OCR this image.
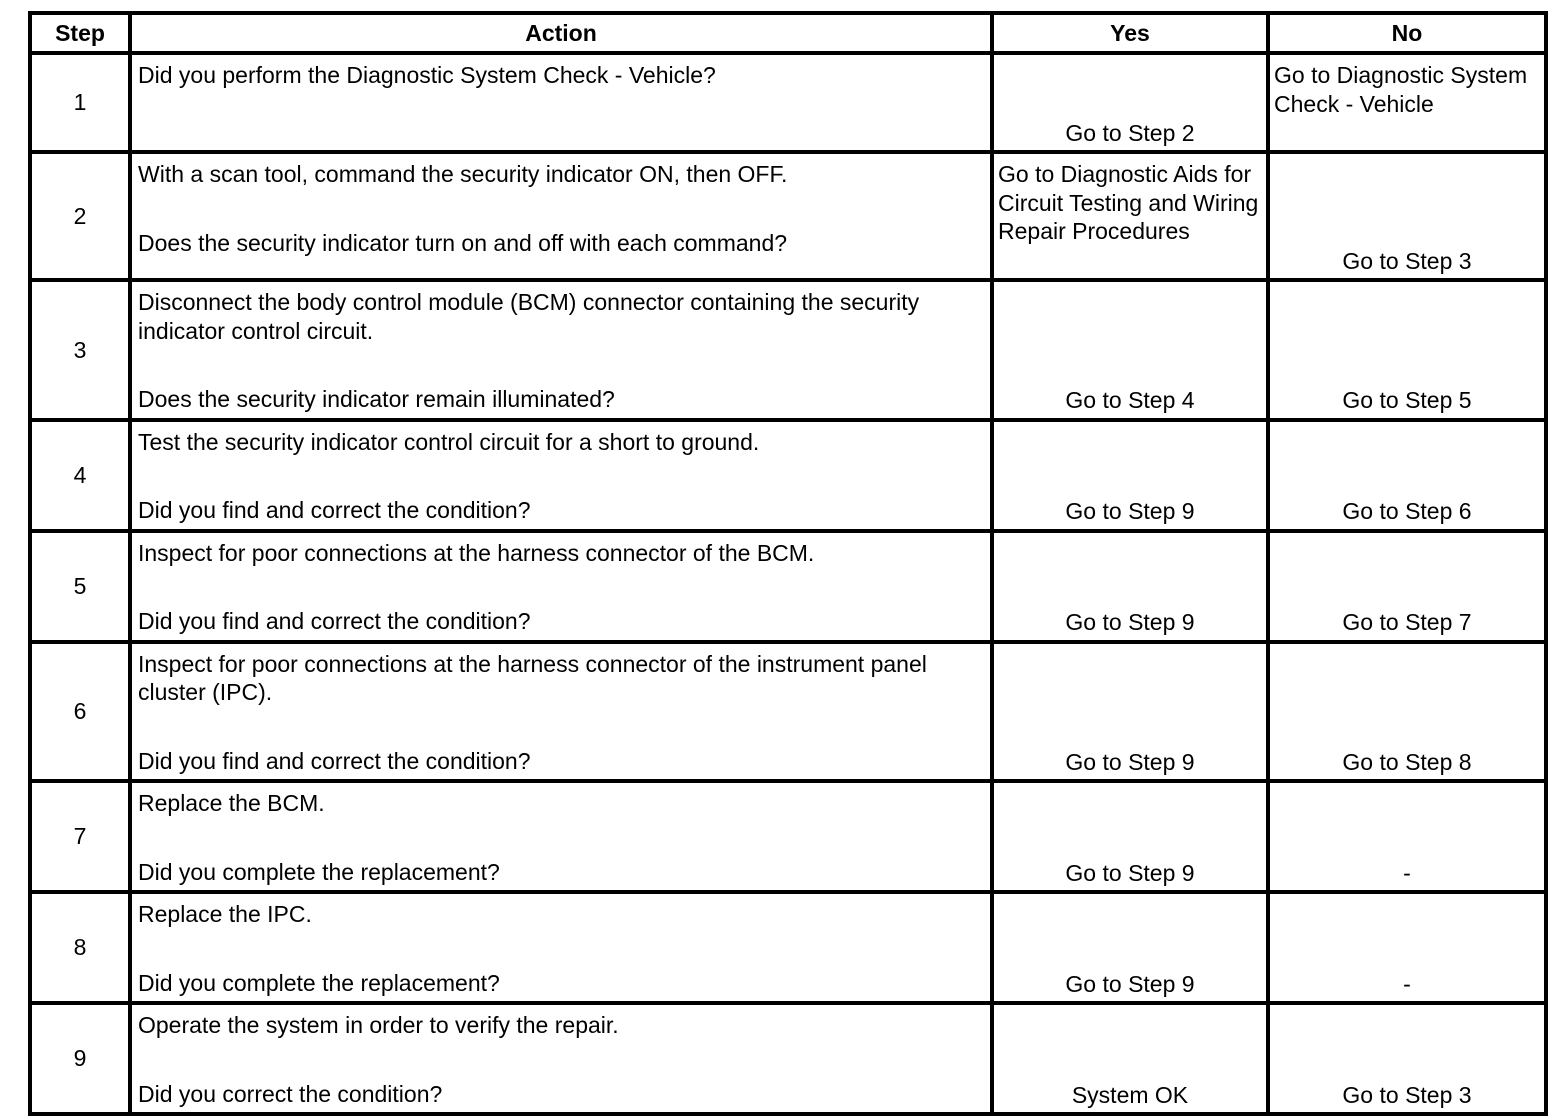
Step	Action	Yes	No
1	Did you perform the Diagnostic System Check - Vehicle?	Go to Step 2	Go to Diagnostic System Check - Vehicle
2	With a scan tool, command the security indicator ON, then OFF.
Does the security indicator turn on and off with each command?	Go to Diagnostic Aids for Circuit Testing and Wiring Repair Procedures	Go to Step 3
3	Disconnect the body control module (BCM) connector containing the security indicator control circuit.
Does the security indicator remain illuminated?	Go to Step 4	Go to Step 5
4	Test the security indicator control circuit for a short to ground.
Did you find and correct the condition?	Go to Step 9	Go to Step 6
5	Inspect for poor connections at the harness connector of the BCM.
Did you find and correct the condition?	Go to Step 9	Go to Step 7
6	Inspect for poor connections at the harness connector of the instrument panel cluster (IPC).
Did you find and correct the condition?	Go to Step 9	Go to Step 8
7	Replace the BCM.
Did you complete the replacement?	Go to Step 9	-
8	Replace the IPC.
Did you complete the replacement?	Go to Step 9	-
9	Operate the system in order to verify the repair.
Did you correct the condition?	System OK	Go to Step 3
